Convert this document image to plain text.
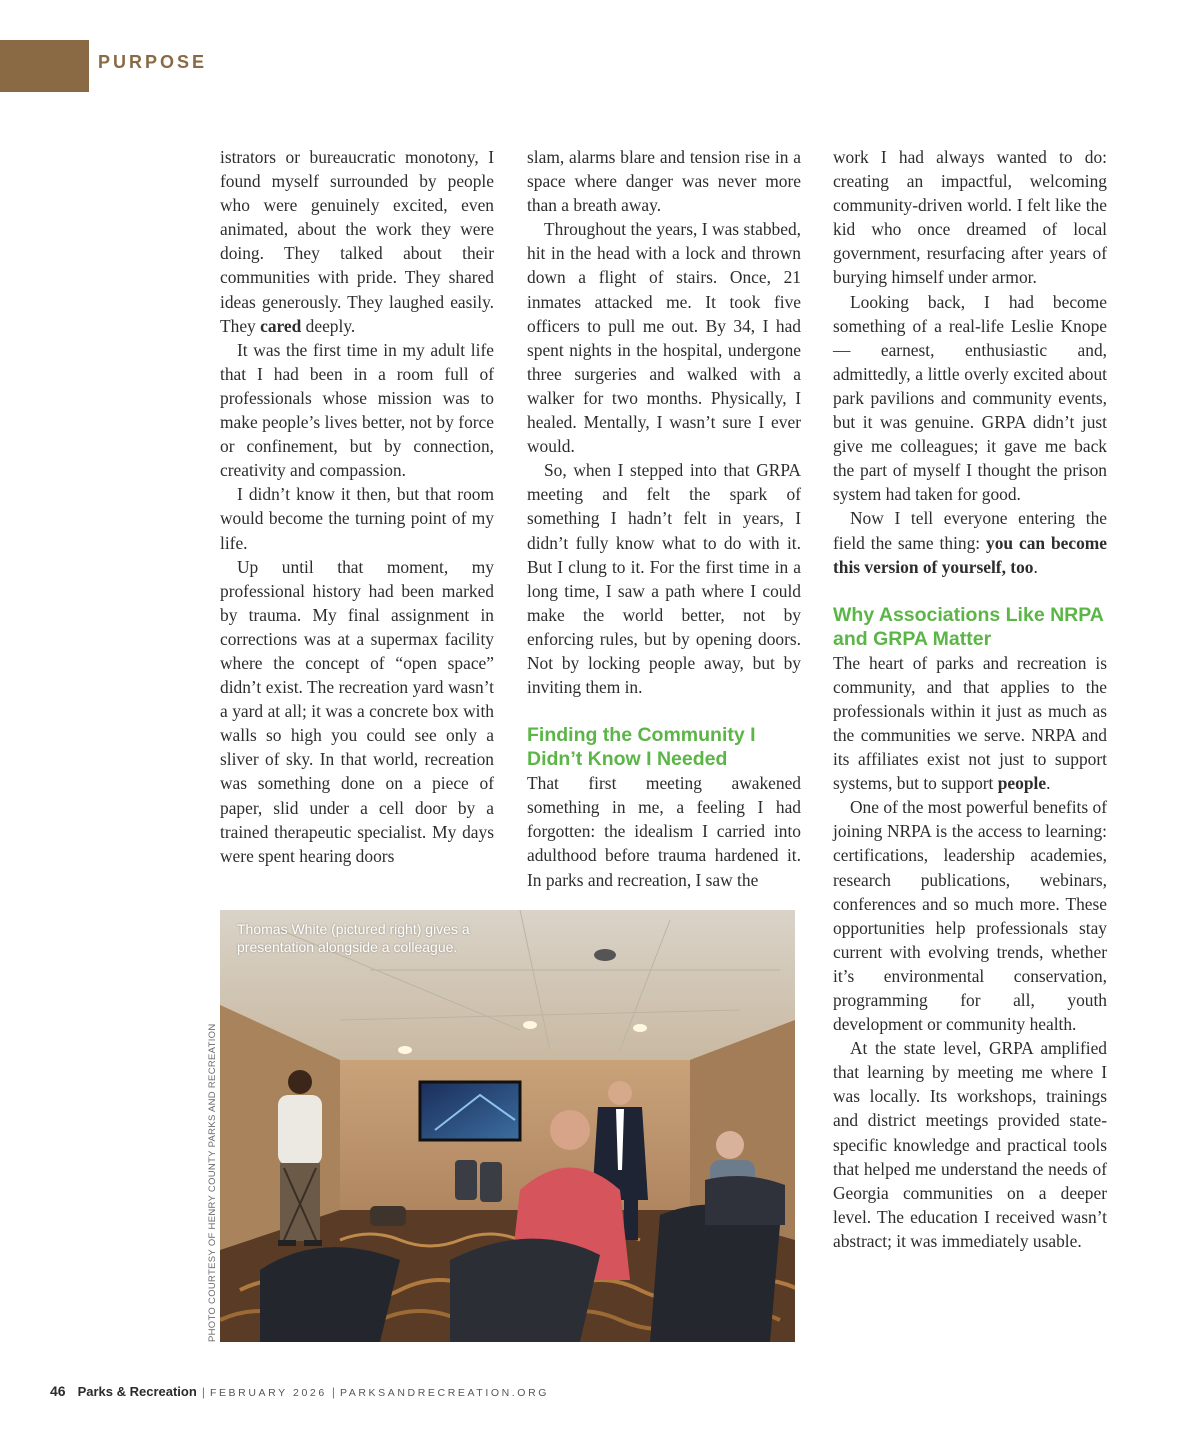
PURPOSE

istrators or bureaucratic monotony, I found myself surrounded by people who were genuinely excited, even animated, about the work they were doing. They talked about their communities with pride. They shared ideas generously. They laughed easily. They cared deeply.

It was the first time in my adult life that I had been in a room full of professionals whose mission was to make people’s lives better, not by force or confinement, but by connection, creativity and compassion.

I didn’t know it then, but that room would become the turning point of my life.

Up until that moment, my professional history had been marked by trauma. My final assignment in corrections was at a supermax facility where the concept of “open space” didn’t exist. The recreation yard wasn’t a yard at all; it was a concrete box with walls so high you could see only a sliver of sky. In that world, recreation was something done on a piece of paper, slid under a cell door by a trained therapeutic specialist. My days were spent hearing doors

slam, alarms blare and tension rise in a space where danger was never more than a breath away.

Throughout the years, I was stabbed, hit in the head with a lock and thrown down a flight of stairs. Once, 21 inmates attacked me. It took five officers to pull me out. By 34, I had spent nights in the hospital, undergone three surgeries and walked with a walker for two months. Physically, I healed. Mentally, I wasn’t sure I ever would.

So, when I stepped into that GRPA meeting and felt the spark of something I hadn’t felt in years, I didn’t fully know what to do with it. But I clung to it. For the first time in a long time, I saw a path where I could make the world better, not by enforcing rules, but by opening doors. Not by locking people away, but by inviting them in.

Finding the Community I Didn’t Know I Needed

That first meeting awakened something in me, a feeling I had forgotten: the idealism I carried into adulthood before trauma hardened it. In parks and recreation, I saw the

work I had always wanted to do: creating an impactful, welcoming community-driven world. I felt like the kid who once dreamed of local government, resurfacing after years of burying himself under armor.

Looking back, I had become something of a real-life Leslie Knope — earnest, enthusiastic and, admittedly, a little overly excited about park pavilions and community events, but it was genuine. GRPA didn’t just give me colleagues; it gave me back the part of myself I thought the prison system had taken for good.

Now I tell everyone entering the field the same thing: you can become this version of yourself, too.

Why Associations Like NRPA and GRPA Matter

The heart of parks and recreation is community, and that applies to the professionals within it just as much as the communities we serve. NRPA and its affiliates exist not just to support systems, but to support people.

One of the most powerful benefits of joining NRPA is the access to learning: certifications, leadership academies, research publications, webinars, conferences and so much more. These opportunities help professionals stay current with evolving trends, whether it’s environmental conservation, programming for all, youth development or community health.

At the state level, GRPA amplified that learning by meeting me where I was locally. Its workshops, trainings and district meetings provided state-specific knowledge and practical tools that helped me understand the needs of Georgia communities on a deeper level. The education I received wasn’t abstract; it was immediately usable.

Thomas White (pictured right) gives a presentation alongside a colleague.
PHOTO COURTESY OF HENRY COUNTY PARKS AND RECREATION
46 Parks & Recreation | FEBRUARY 2026 | PARKSANDRECREATION.ORG
